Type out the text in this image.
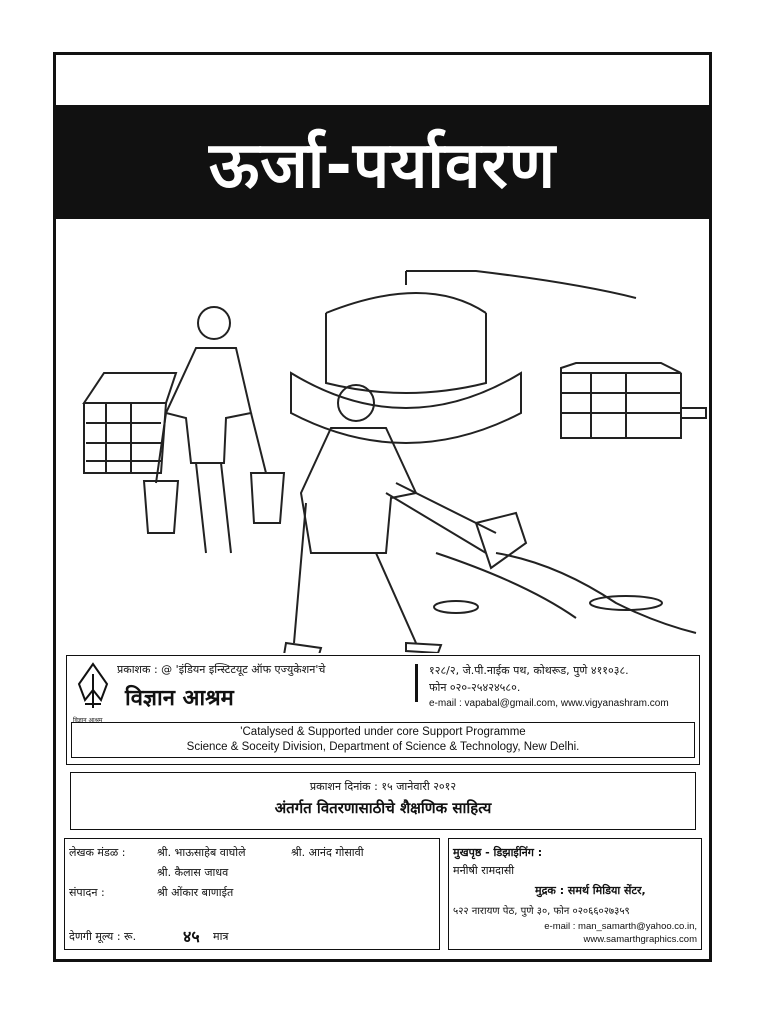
ऊर्जा-पर्यावरण
विज्ञान आश्रम
प्रकाशक : @ 'इंडियन इन्स्टिटयूट ऑफ एज्युकेशन'चे
विज्ञान आश्रम
१२८/२, जे.पी.नाईक पथ, कोथरूड, पुणे ४११०३८.
फोन ०२०-२५४२४५८०.
e-mail : vapabal@gmail.com, www.vigyanashram.com
'Catalysed & Supported under core Support Programme
Science & Soceity Division, Department of Science & Technology, New Delhi.
प्रकाशन दिनांक : १५ जानेवारी २०१२
अंतर्गत वितरणासाठीचे शैक्षणिक साहित्य
लेखक मंडळ :	श्री. भाऊसाहेब वाघोले	श्री. आनंद गोसावी
श्री. कैलास जाधव
संपादन :	श्री ओंकार बाणाईत
देणगी मूल्य : रू.	४५ मात्र
मुखपृष्ठ - डिझाईनिंग :
मनीषी रामदासी
मुद्रक : समर्थ मिडिया सेंटर,
५२२ नारायण पेठ, पुणे ३०, फोन ०२०६६०२७३५९
e-mail : man_samarth@yahoo.co.in,
www.samarthgraphics.com
